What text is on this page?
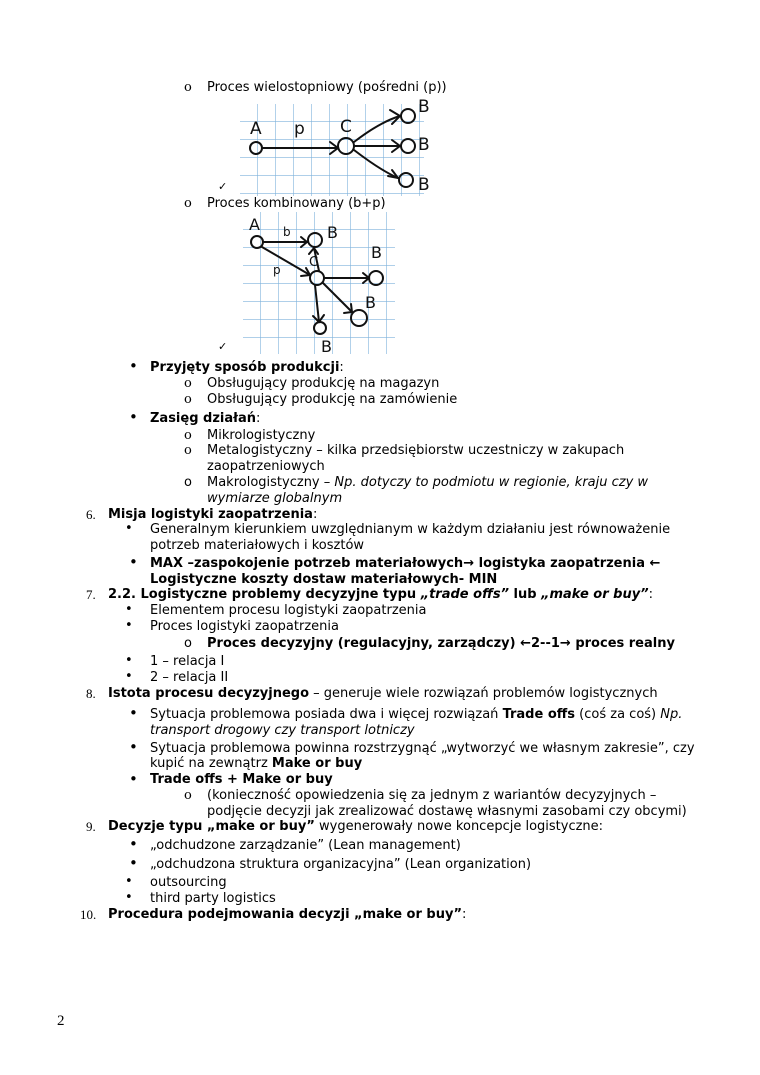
o Proces wielostopniowy (pośredni (p))
A p C
B
B
B
✓
o Proces kombinowany (b+p)
A b
p
B
C
B
B
B
✓
• Przyjęty sposób produkcji:
o Obsługujący produkcję na magazyn
o Obsługujący produkcję na zamówienie
• Zasięg działań:
o Mikrologistyczny
o Metalogistyczny – kilka przedsiębiorstw uczestniczy w zakupach
zaopatrzeniowych
o Makrologistyczny – Np. dotyczy to podmiotu w regionie, kraju czy w
wymiarze globalnym
6. Misja logistyki zaopatrzenia:
• Generalnym kierunkiem uwzględnianym w każdym działaniu jest równoważenie
potrzeb materiałowych i kosztów
• MAX –zaspokojenie potrzeb materiałowych→ logistyka zaopatrzenia ←
Logistyczne koszty dostaw materiałowych- MIN
7. 2.2. Logistyczne problemy decyzyjne typu „trade offs” lub „make or buy”:
• Elementem procesu logistyki zaopatrzenia
• Proces logistyki zaopatrzenia
o Proces decyzyjny (regulacyjny, zarządczy) ←2--1→ proces realny
• 1 – relacja I
• 2 – relacja II
8. Istota procesu decyzyjnego – generuje wiele rozwiązań problemów logistycznych
• Sytuacja problemowa posiada dwa i więcej rozwiązań Trade offs (coś za coś) Np.
transport drogowy czy transport lotniczy
• Sytuacja problemowa powinna rozstrzygnąć „wytworzyć we własnym zakresie”, czy
kupić na zewnątrz Make or buy
• Trade offs + Make or buy
o (konieczność opowiedzenia się za jednym z wariantów decyzyjnych –
podjęcie decyzji jak zrealizować dostawę własnymi zasobami czy obcymi)
9. Decyzje typu „make or buy” wygenerowały nowe koncepcje logistyczne:
• „odchudzone zarządzanie” (Lean management)
• „odchudzona struktura organizacyjna” (Lean organization)
• outsourcing
• third party logistics
10. Procedura podejmowania decyzji „make or buy”:
2
